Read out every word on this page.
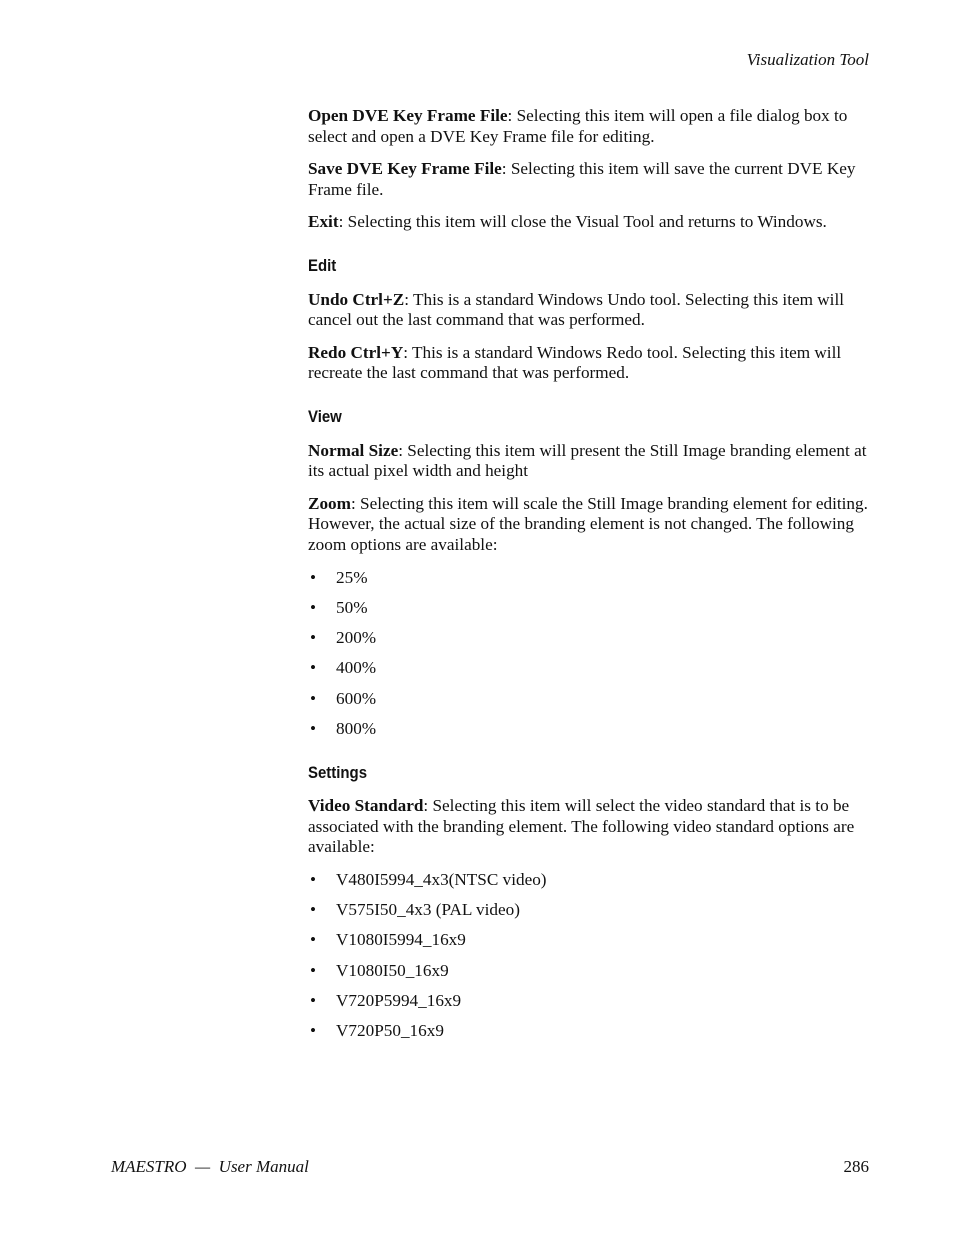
Visualization Tool

Open DVE Key Frame File: Selecting this item will open a file dialog box to select and open a DVE Key Frame file for editing.

Save DVE Key Frame File: Selecting this item will save the current DVE Key Frame file.

Exit: Selecting this item will close the Visual Tool and returns to Windows.

Edit

Undo Ctrl+Z: This is a standard Windows Undo tool. Selecting this item will cancel out the last command that was performed.

Redo Ctrl+Y: This is a standard Windows Redo tool. Selecting this item will recreate the last command that was performed.

View

Normal Size: Selecting this item will present the Still Image branding element at its actual pixel width and height

Zoom: Selecting this item will scale the Still Image branding element for editing. However, the actual size of the branding element is not changed. The following zoom options are available:

• 25%
• 50%
• 200%
• 400%
• 600%
• 800%
Settings

Video Standard: Selecting this item will select the video standard that is to be associated with the branding element. The following video standard options are available:

• V480I5994_4x3(NTSC video)
• V575I50_4x3 (PAL video)
• V1080I5994_16x9
• V1080I50_16x9
• V720P5994_16x9
• V720P50_16x9
MAESTRO  —  User Manual	286
